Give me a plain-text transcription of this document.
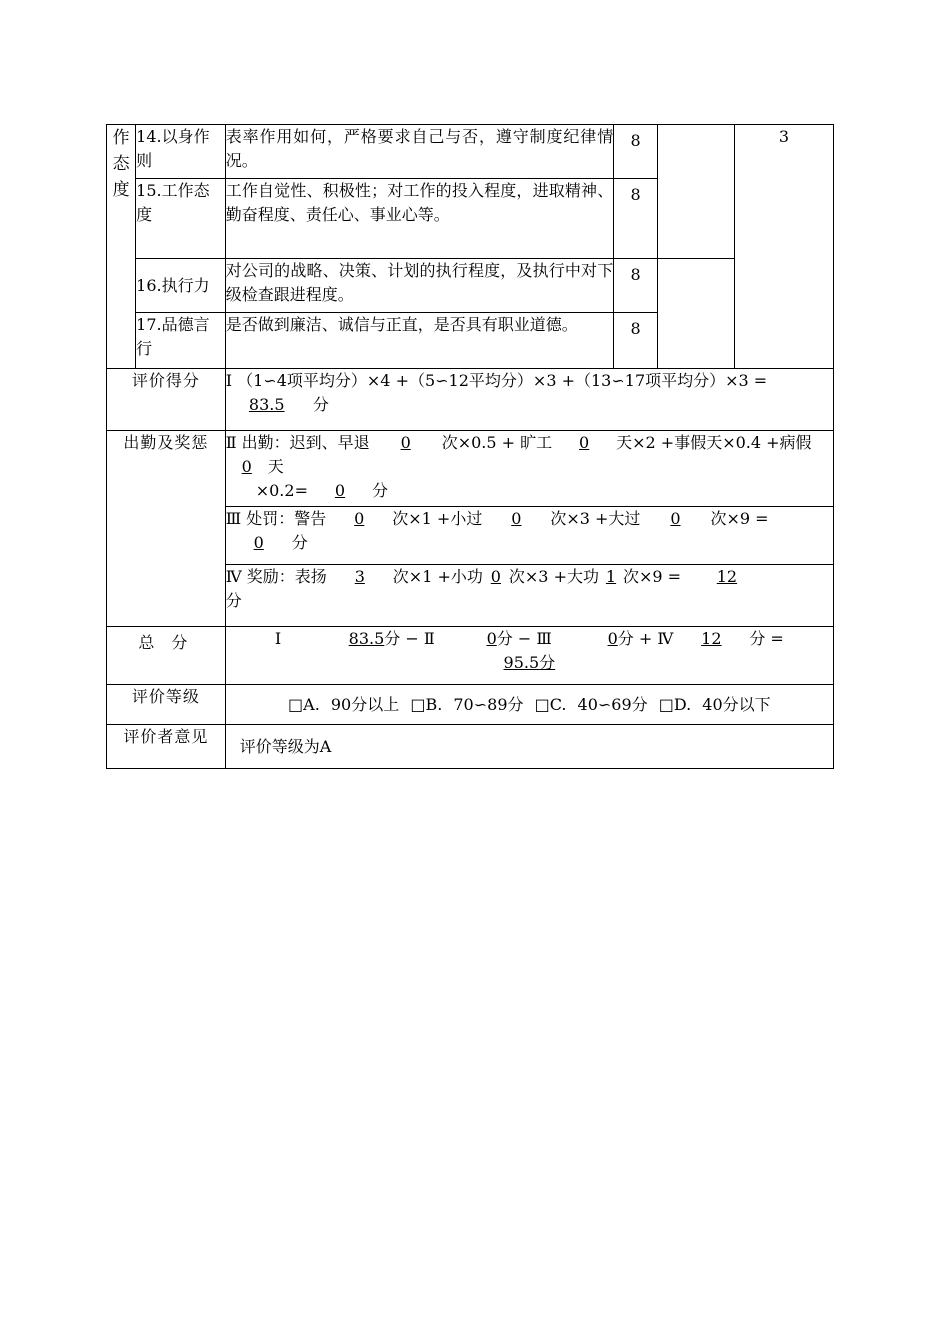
作态度	14.以身作则	表率作用如何，严格要求自己与否，遵守制度纪律情况。	8		3
	15.工作态度	工作自觉性、积极性；对工作的投入程度，进取精神、勤奋程度、责任心、事业心等。	8		

	16.执行力	对公司的战略、决策、计划的执行程度，及执行中对下级检查跟进程度。	8		

	17.品德言行	是否做到廉洁、诚信与正直，是否具有职业道德。	8		

评价得分		Ⅰ （1∽4项平均分）×4 +（5∽12平均分）×3 +（13∽17项平均分）×3 = 83.5 分			
出勤及奖惩		Ⅱ 出勤：迟到、早退 0 次×0.5 + 旷工 0 天×2 +事假天×0.4 +病假0 天
×0.2= 0 分			
		Ⅲ 处罚：警告 0 次×1 +小过 0 次×3 +大过 0 次×9 =0 分			
		Ⅳ 奖励：表扬 3 次×1 +小功 0 次×3 +大功 1 次×9 = 12
分			
总 分		Ⅰ 83.5分 − Ⅱ 0分 − Ⅲ 0分 + Ⅳ 12 分 =
95.5分			
评价等级		□A. 90分以上 □B. 70∽89分 □C. 40∽69分 □D. 40分以下			
评价者意见		评价等级为A			
